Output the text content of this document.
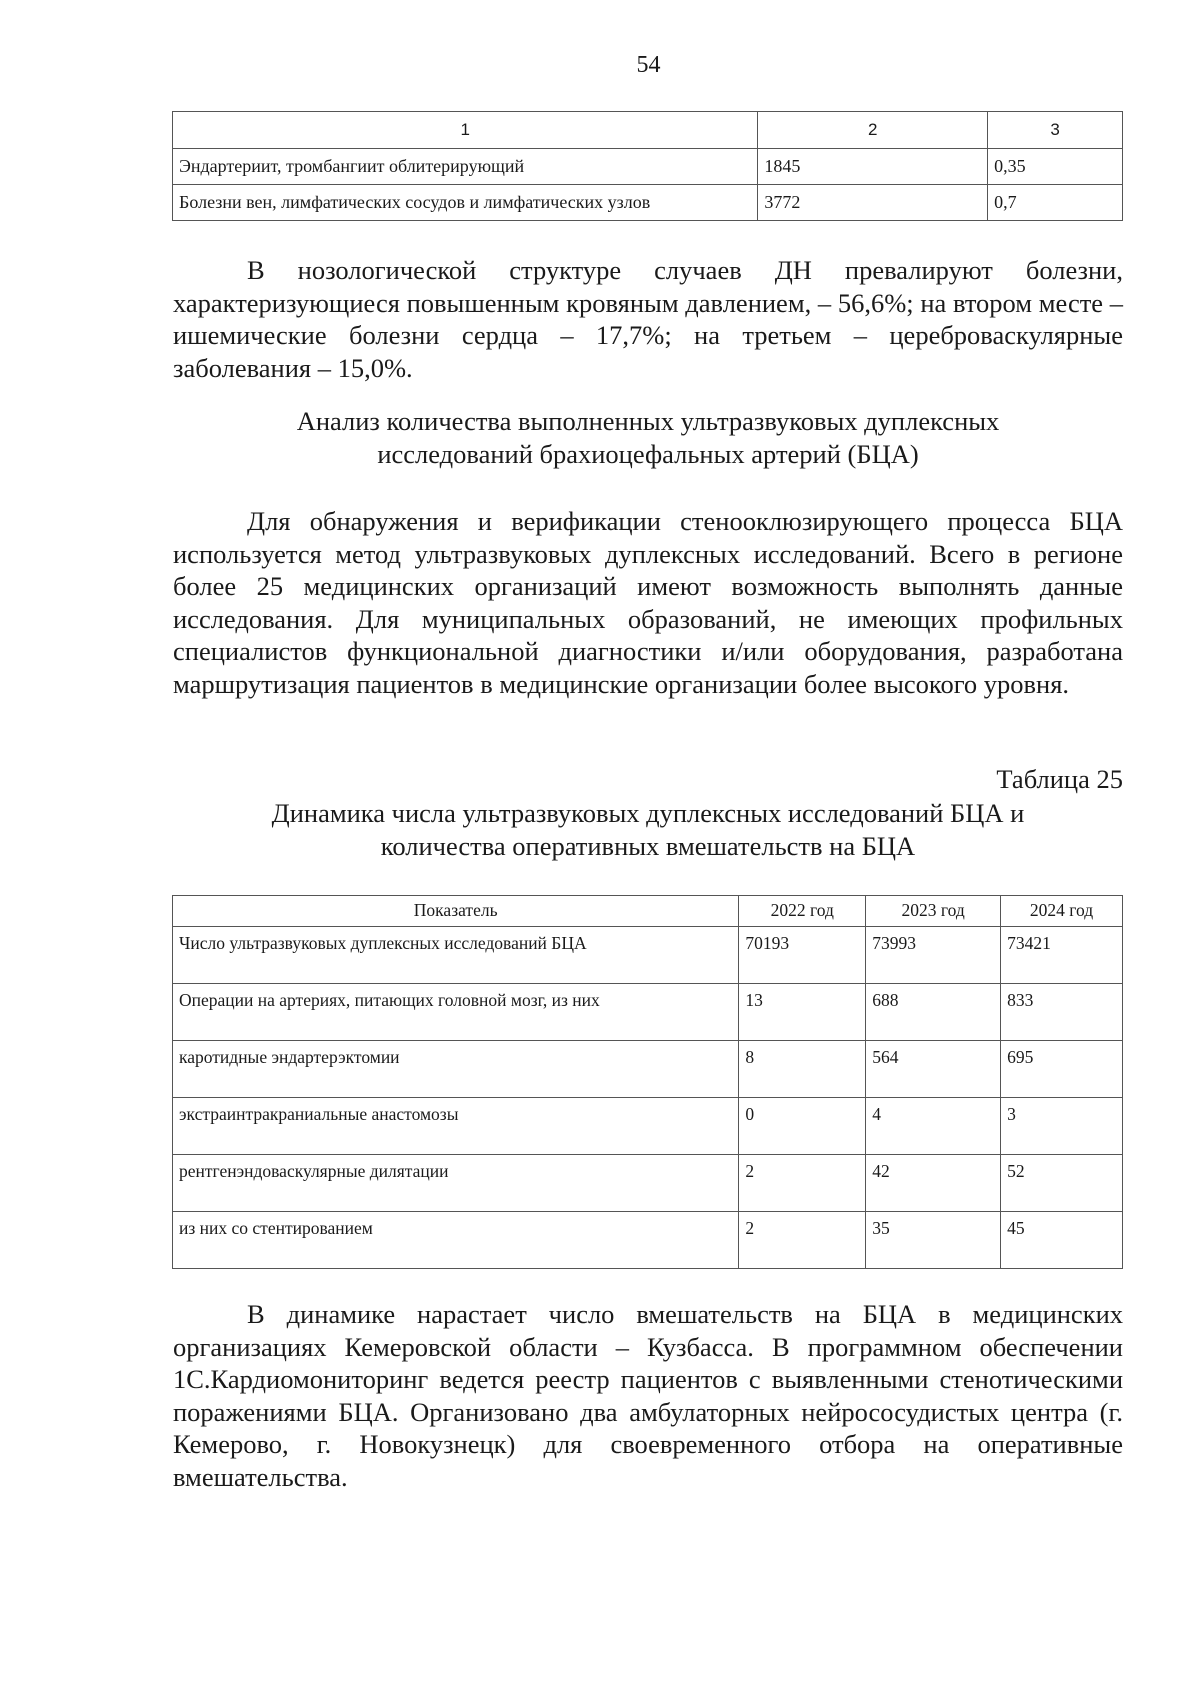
54
1	2	3
Эндартериит, тромбангиит облитерирующий	1845	0,35
Болезни вен, лимфатических сосудов и лимфатических узлов	3772	0,7

В нозологической структуре случаев ДН превалируют болезни, характеризующиеся повышенным кровяным давлением, – 56,6%; на втором месте – ишемические болезни сердца – 17,7%; на третьем – цереброваскулярные заболевания – 15,0%.

Анализ количества выполненных ультразвуковых дуплексных
исследований брахиоцефальных артерий (БЦА)

Для обнаружения и верификации стенооклюзирующего процесса БЦА используется метод ультразвуковых дуплексных исследований. Всего в регионе более 25 медицинских организаций имеют возможность выполнять данные исследования. Для муниципальных образований, не имеющих профильных специалистов функциональной диагностики и/или оборудования, разработана маршрутизация пациентов в медицинские организации более высокого уровня.

Таблица 25
Динамика числа ультразвуковых дуплексных исследований БЦА и
количества оперативных вмешательств на БЦА
Показатель	2022 год	2023 год	2024 год
Число ультразвуковых дуплексных исследований БЦА	70193	73993	73421
Операции на артериях, питающих головной мозг, из них	13	688	833
каротидные эндартерэктомии	8	564	695
экстраинтракраниальные анастомозы	0	4	3
рентгенэндоваскулярные дилятации	2	42	52
из них со стентированием	2	35	45

В динамике нарастает число вмешательств на БЦА в медицинских организациях Кемеровской области – Кузбасса. В программном обеспечении 1С.Кардиомониторинг ведется реестр пациентов с выявленными стенотическими поражениями БЦА. Организовано два амбулаторных нейрососудистых центра (г. Кемерово, г. Новокузнецк) для своевременного отбора на оперативные вмешательства.
